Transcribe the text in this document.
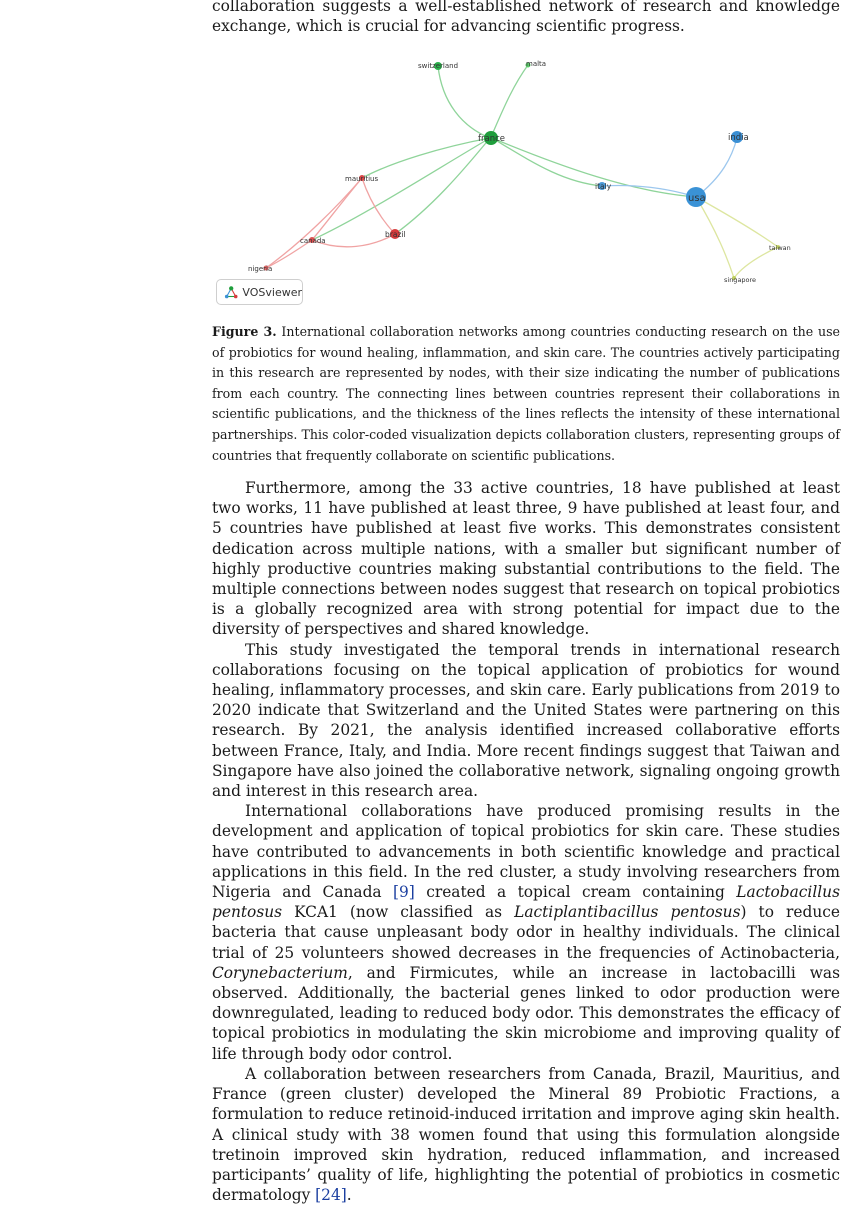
collaboration suggests a well-established network of research and knowledge exchange, which is crucial for advancing scientific progress.

switzerland	malta
france	india
mauritius
italy
usa
brazil
canada
taiwan
nigeria
singapore
VOSviewer

Figure 3. International collaboration networks among countries conducting research on the use of probiotics for wound healing, inflammation, and skin care. The countries actively participating in this research are represented by nodes, with their size indicating the number of publications from each country. The connecting lines between countries represent their collaborations in scientific publications, and the thickness of the lines reflects the intensity of these international partnerships. This color-coded visualization depicts collaboration clusters, representing groups of countries that frequently collaborate on scientific publications.

Furthermore, among the 33 active countries, 18 have published at least two works, 11 have published at least three, 9 have published at least four, and 5 countries have published at least five works. This demonstrates consistent dedication across multiple nations, with a smaller but significant number of highly productive countries making substantial contributions to the field. The multiple connections between nodes suggest that research on topical probiotics is a globally recognized area with strong potential for impact due to the diversity of perspectives and shared knowledge.

This study investigated the temporal trends in international research collaborations focusing on the topical application of probiotics for wound healing, inflammatory processes, and skin care. Early publications from 2019 to 2020 indicate that Switzerland and the United States were partnering on this research. By 2021, the analysis identified increased collaborative efforts between France, Italy, and India. More recent findings suggest that Taiwan and Singapore have also joined the collaborative network, signaling ongoing growth and interest in this research area.

International collaborations have produced promising results in the development and application of topical probiotics for skin care. These studies have contributed to advancements in both scientific knowledge and practical applications in this field. In the red cluster, a study involving researchers from Nigeria and Canada [9] created a topical cream containing Lactobacillus pentosus KCA1 (now classified as Lactiplantibacillus pentosus) to reduce bacteria that cause unpleasant body odor in healthy individuals. The clinical trial of 25 volunteers showed decreases in the frequencies of Actinobacteria, Corynebacterium, and Firmicutes, while an increase in lactobacilli was observed. Additionally, the bacterial genes linked to odor production were downregulated, leading to reduced body odor. This demonstrates the efficacy of topical probiotics in modulating the skin microbiome and improving quality of life through body odor control.

A collaboration between researchers from Canada, Brazil, Mauritius, and France (green cluster) developed the Mineral 89 Probiotic Fractions, a formulation to reduce retinoid-induced irritation and improve aging skin health. A clinical study with 38 women found that using this formulation alongside tretinoin improved skin hydration, reduced inflammation, and increased participants’ quality of life, highlighting the potential of probiotics in cosmetic dermatology [24].
